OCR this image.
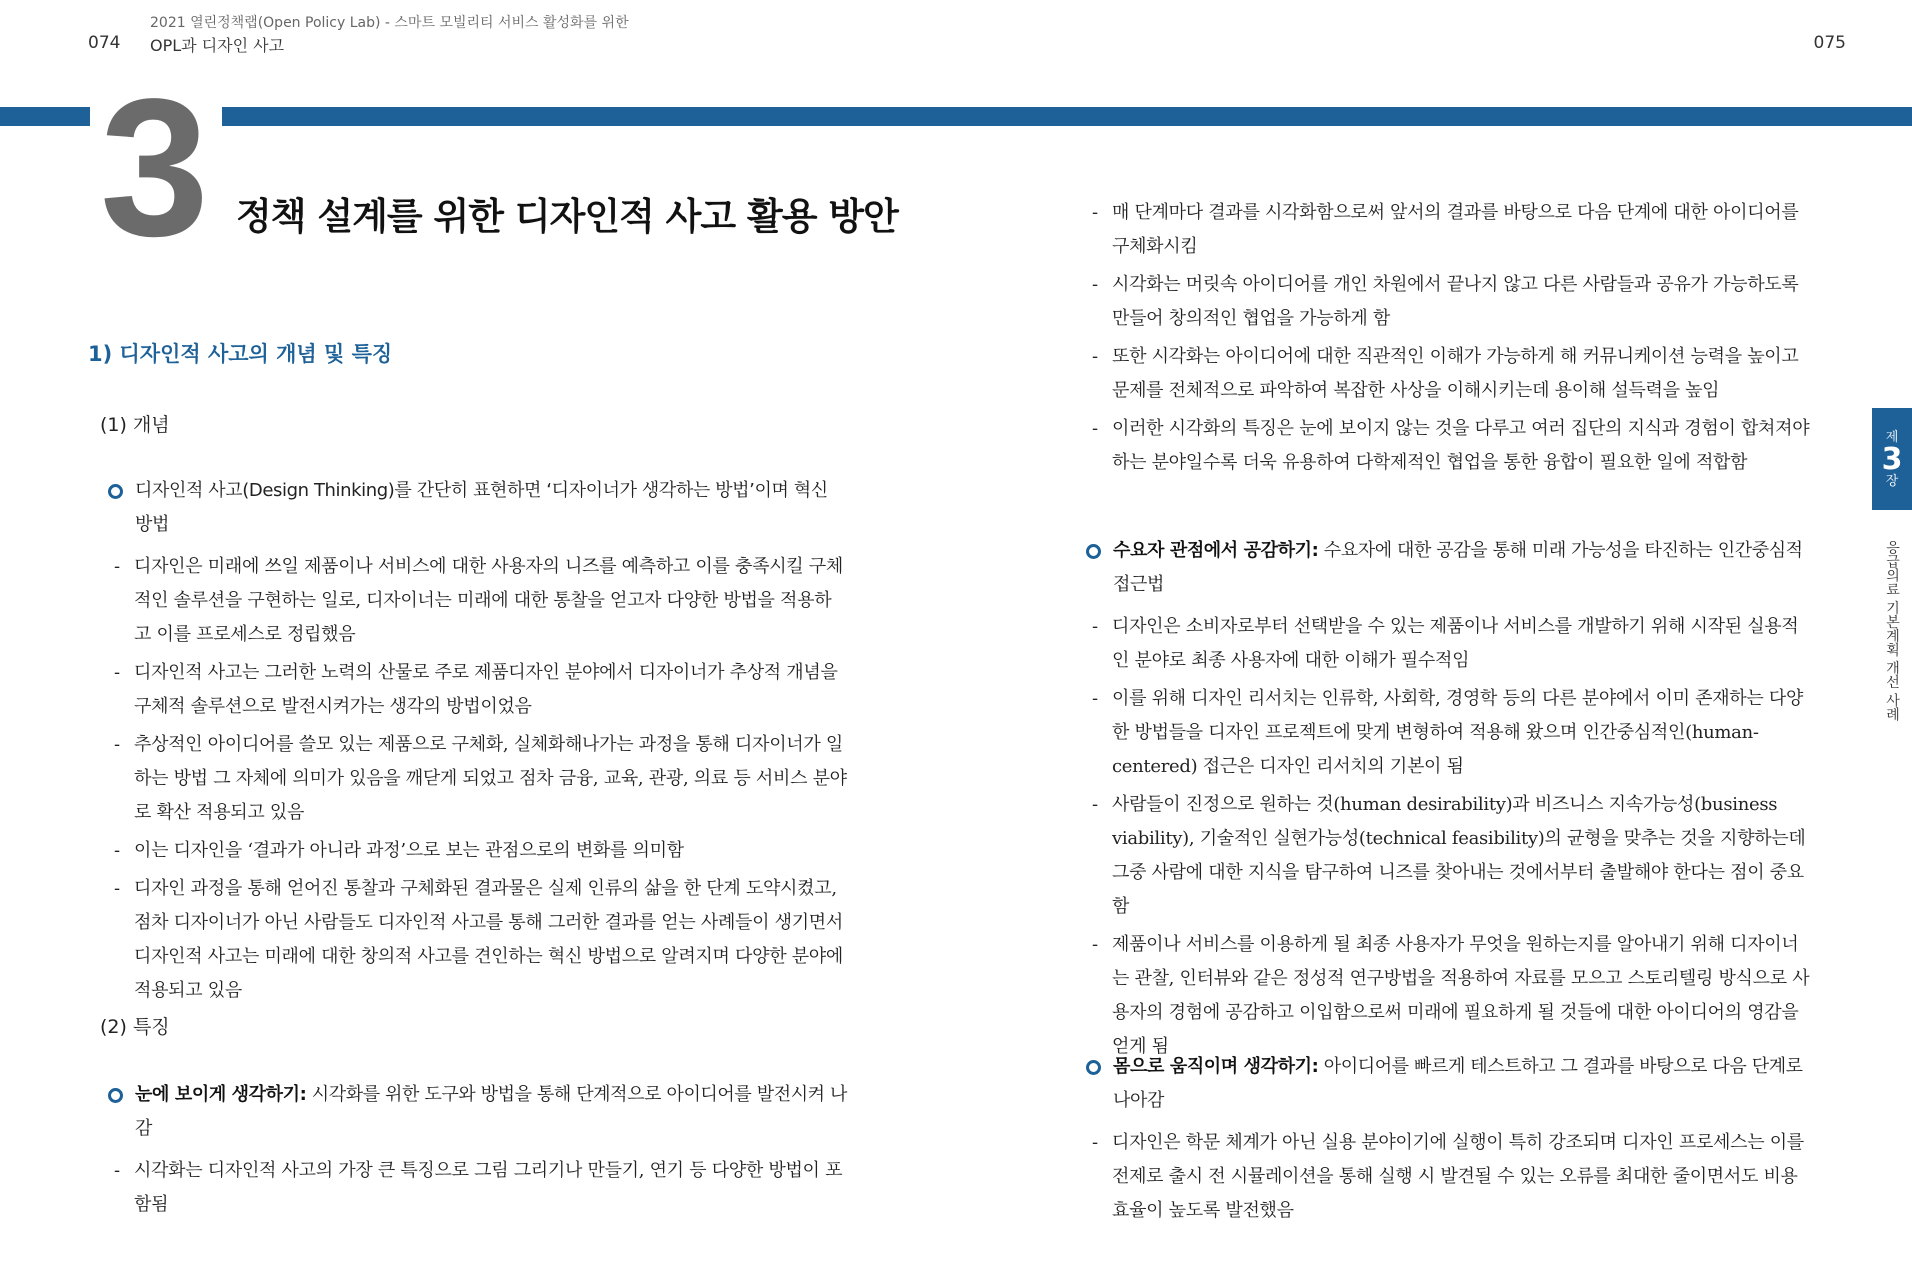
2021 열린정책랩(Open Policy Lab) - 스마트 모빌리티 서비스 활성화를 위한
074 OPL과 디자인 사고	075
3 정책 설계를 위한 디자인적 사고 활용 방안
1) 디자인적 사고의 개념 및 특징
(1) 개념
디자인적 사고(Design Thinking)를 간단히 표현하면 ‘디자이너가 생각하는 방법’이며 혁신 방법
- 디자인은 미래에 쓰일 제품이나 서비스에 대한 사용자의 니즈를 예측하고 이를 충족시킬 구체적인 솔루션을 구현하는 일로, 디자이너는 미래에 대한 통찰을 얻고자 다양한 방법을 적용하고 이를 프로세스로 정립했음
- 디자인적 사고는 그러한 노력의 산물로 주로 제품디자인 분야에서 디자이너가 추상적 개념을 구체적 솔루션으로 발전시켜가는 생각의 방법이었음
- 추상적인 아이디어를 쓸모 있는 제품으로 구체화, 실체화해나가는 과정을 통해 디자이너가 일하는 방법 그 자체에 의미가 있음을 깨닫게 되었고 점차 금융, 교육, 관광, 의료 등 서비스 분야로 확산 적용되고 있음
- 이는 디자인을 ‘결과가 아니라 과정’으로 보는 관점으로의 변화를 의미함
- 디자인 과정을 통해 얻어진 통찰과 구체화된 결과물은 실제 인류의 삶을 한 단계 도약시켰고, 점차 디자이너가 아닌 사람들도 디자인적 사고를 통해 그러한 결과를 얻는 사례들이 생기면서 디자인적 사고는 미래에 대한 창의적 사고를 견인하는 혁신 방법으로 알려지며 다양한 분야에 적용되고 있음
(2) 특징
눈에 보이게 생각하기: 시각화를 위한 도구와 방법을 통해 단계적으로 아이디어를 발전시켜 나감
- 시각화는 디자인적 사고의 가장 큰 특징으로 그림 그리기나 만들기, 연기 등 다양한 방법이 포함됨
- 매 단계마다 결과를 시각화함으로써 앞서의 결과를 바탕으로 다음 단계에 대한 아이디어를 구체화시킴
- 시각화는 머릿속 아이디어를 개인 차원에서 끝나지 않고 다른 사람들과 공유가 가능하도록 만들어 창의적인 협업을 가능하게 함
- 또한 시각화는 아이디어에 대한 직관적인 이해가 가능하게 해 커뮤니케이션 능력을 높이고 문제를 전체적으로 파악하여 복잡한 사상을 이해시키는데 용이해 설득력을 높임
- 이러한 시각화의 특징은 눈에 보이지 않는 것을 다루고 여러 집단의 지식과 경험이 합쳐져야 하는 분야일수록 더욱 유용하여 다학제적인 협업을 통한 융합이 필요한 일에 적합함
수요자 관점에서 공감하기: 수요자에 대한 공감을 통해 미래 가능성을 타진하는 인간중심적 접근법
- 디자인은 소비자로부터 선택받을 수 있는 제품이나 서비스를 개발하기 위해 시작된 실용적인 분야로 최종 사용자에 대한 이해가 필수적임
- 이를 위해 디자인 리서치는 인류학, 사회학, 경영학 등의 다른 분야에서 이미 존재하는 다양한 방법들을 디자인 프로젝트에 맞게 변형하여 적용해 왔으며 인간중심적인(human-centered) 접근은 디자인 리서치의 기본이 됨
- 사람들이 진정으로 원하는 것(human desirability)과 비즈니스 지속가능성(business viability), 기술적인 실현가능성(technical feasibility)의 균형을 맞추는 것을 지향하는데 그중 사람에 대한 지식을 탐구하여 니즈를 찾아내는 것에서부터 출발해야 한다는 점이 중요함
- 제품이나 서비스를 이용하게 될 최종 사용자가 무엇을 원하는지를 알아내기 위해 디자이너는 관찰, 인터뷰와 같은 정성적 연구방법을 적용하여 자료를 모으고 스토리텔링 방식으로 사용자의 경험에 공감하고 이입함으로써 미래에 필요하게 될 것들에 대한 아이디어의 영감을 얻게 됨
몸으로 움직이며 생각하기: 아이디어를 빠르게 테스트하고 그 결과를 바탕으로 다음 단계로 나아감
- 디자인은 학문 체계가 아닌 실용 분야이기에 실행이 특히 강조되며 디자인 프로세스는 이를 전제로 출시 전 시뮬레이션을 통해 실행 시 발견될 수 있는 오류를 최대한 줄이면서도 비용 효율이 높도록 발전했음
제
3
장
응급의료 기본계획 개선 사례
